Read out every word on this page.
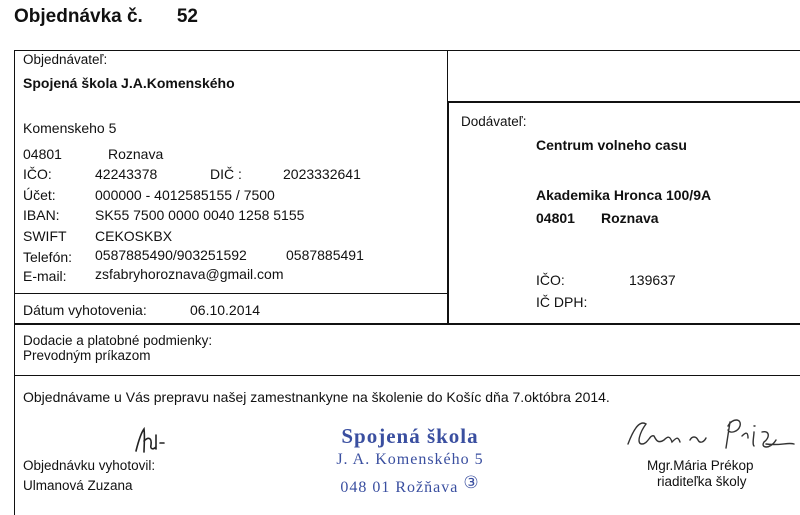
Objednávka č. 52
Objednávateľ:
Spojená škola J.A.Komenského
Komenskeho 5
04801	Roznava
IČO:	42243378	DIČ :	2023332641
Účet:	000000 - 4012585155 / 7500
IBAN:	SK55 7500 0000 0040 1258 5155
SWIFT CEKOSKBX
Telefón: 0587885490/903251592	0587885491
E-mail: zsfabryhoroznava@gmail.com
Dátum vyhotovenia:	06.10.2014
Dodávateľ:
Centrum volneho casu
Akademika Hronca 100/9A
04801 Roznava
IČO:	139637
IČ DPH:
Dodacie a platobné podmienky:
Prevodným príkazom
Objednávame u Vás prepravu našej zamestnankyne na školenie do Košíc dňa 7.októbra 2014.
Objednávku vyhotovil:
Ulmanová Zuzana
Spojená škola
J. A. Komenského 5
048 01 Rožňava ③
Mgr.Mária Prékop
riaditeľka školy
